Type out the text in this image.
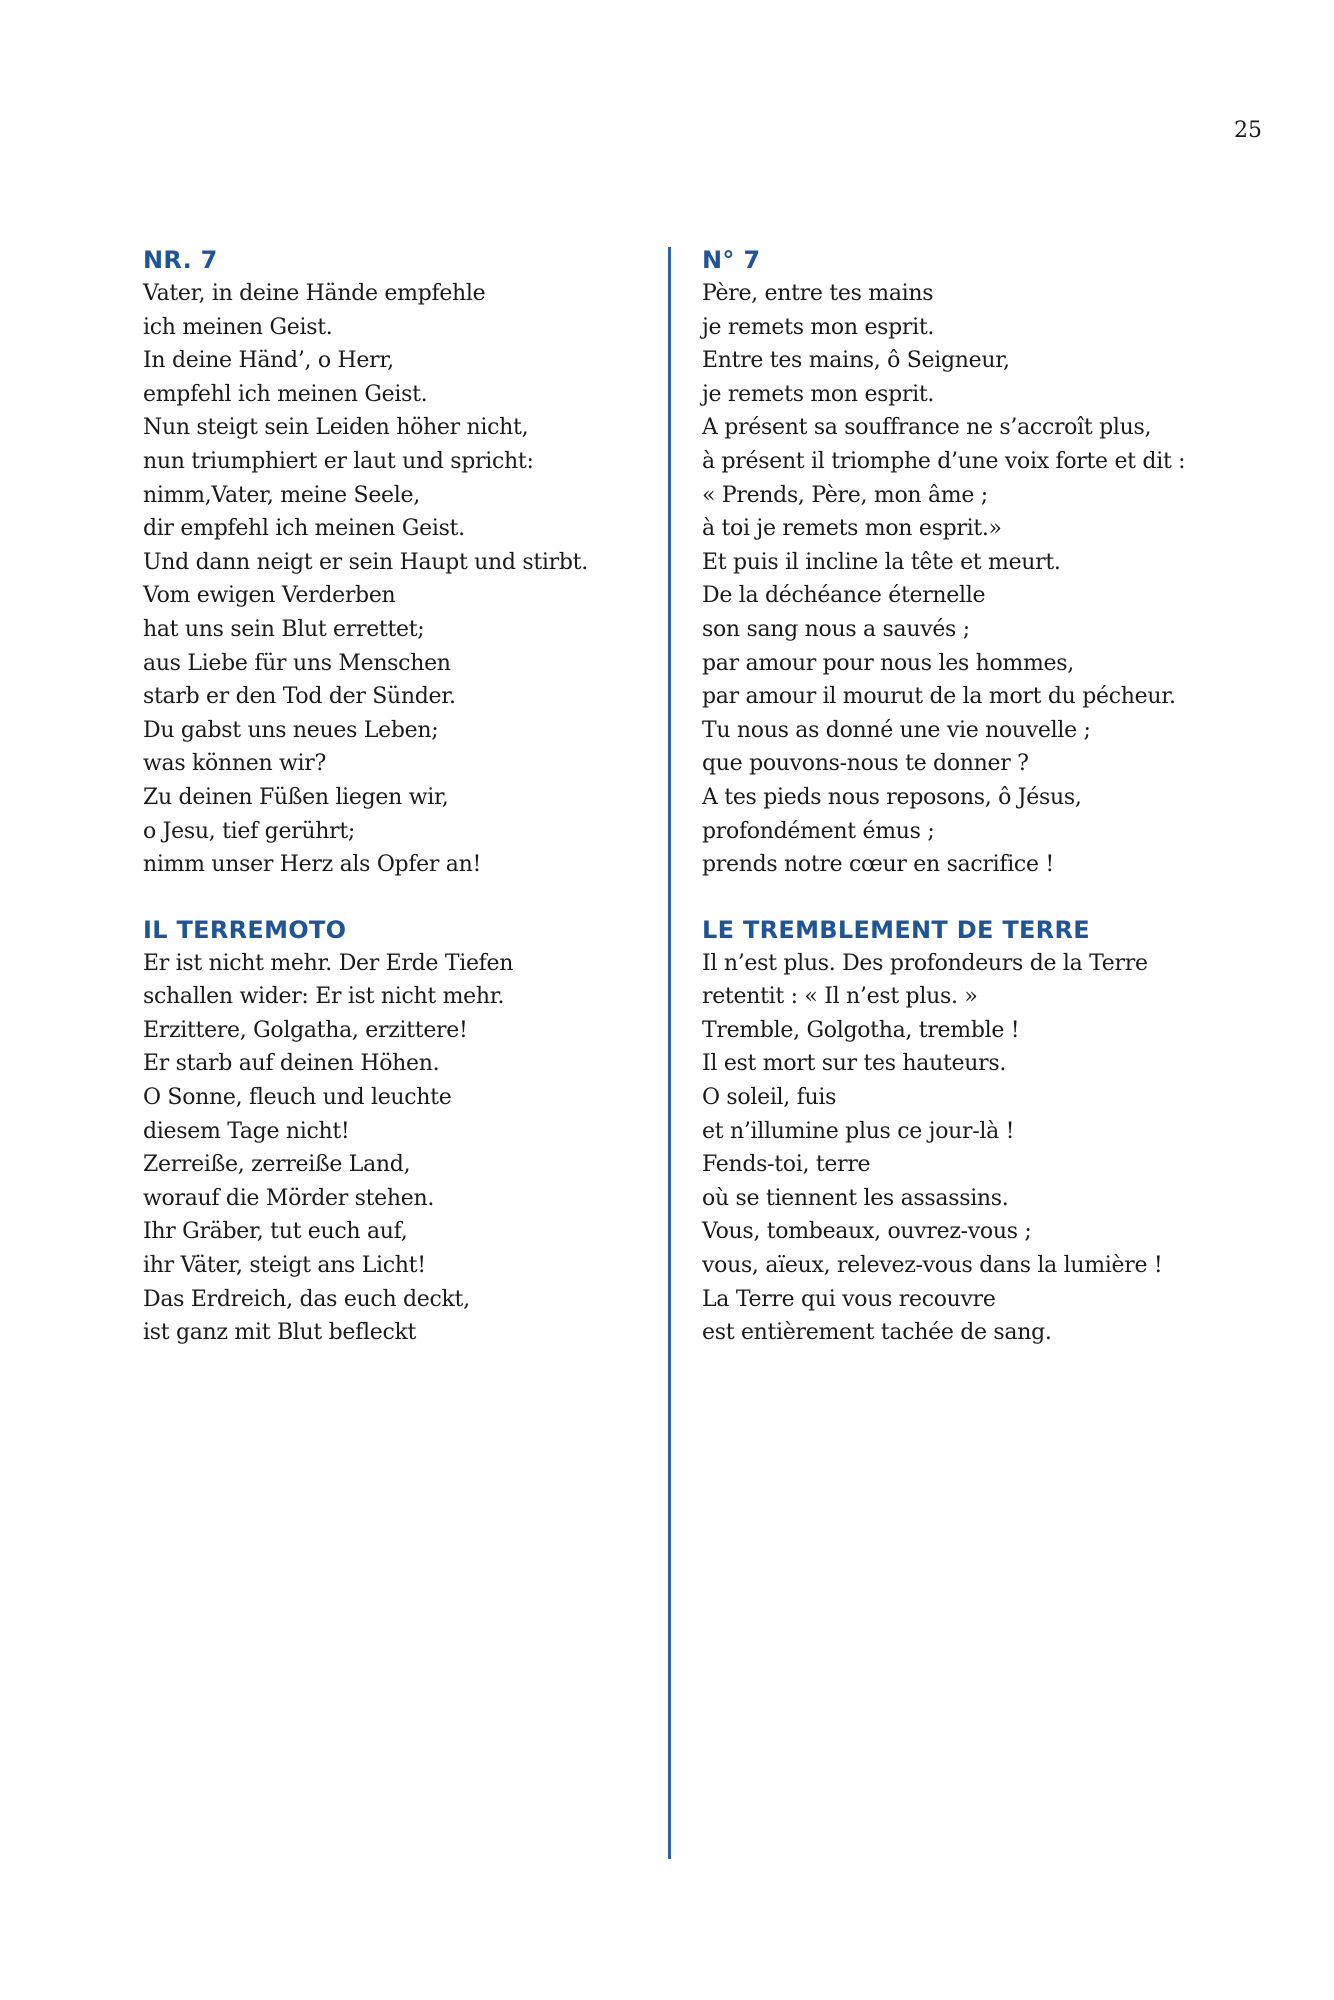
25
NR. 7
Vater, in deine Hände empfehle
ich meinen Geist.
In deine Händ’, o Herr,
empfehl ich meinen Geist.
Nun steigt sein Leiden höher nicht,
nun triumphiert er laut und spricht:
nimm,Vater, meine Seele,
dir empfehl ich meinen Geist.
Und dann neigt er sein Haupt und stirbt.
Vom ewigen Verderben
hat uns sein Blut errettet;
aus Liebe für uns Menschen
starb er den Tod der Sünder.
Du gabst uns neues Leben;
was können wir?
Zu deinen Füßen liegen wir,
o Jesu, tief gerührt;
nimm unser Herz als Opfer an!
IL TERREMOTO
Er ist nicht mehr. Der Erde Tiefen
schallen wider: Er ist nicht mehr.
Erzittere, Golgatha, erzittere!
Er starb auf deinen Höhen.
O Sonne, fleuch und leuchte
diesem Tage nicht!
Zerreiße, zerreiße Land,
worauf die Mörder stehen.
Ihr Gräber, tut euch auf,
ihr Väter, steigt ans Licht!
Das Erdreich, das euch deckt,
ist ganz mit Blut befleckt
N° 7
Père, entre tes mains
je remets mon esprit.
Entre tes mains, ô Seigneur,
je remets mon esprit.
A présent sa souffrance ne s’accroît plus,
à présent il triomphe d’une voix forte et dit :
« Prends, Père, mon âme ;
à toi je remets mon esprit.»
Et puis il incline la tête et meurt.
De la déchéance éternelle
son sang nous a sauvés ;
par amour pour nous les hommes,
par amour il mourut de la mort du pécheur.
Tu nous as donné une vie nouvelle ;
que pouvons-nous te donner ?
A tes pieds nous reposons, ô Jésus,
profondément émus ;
prends notre cœur en sacrifice !
LE TREMBLEMENT DE TERRE
Il n’est plus. Des profondeurs de la Terre
retentit : « Il n’est plus. »
Tremble, Golgotha, tremble !
Il est mort sur tes hauteurs.
O soleil, fuis
et n’illumine plus ce jour-là !
Fends-toi, terre
où se tiennent les assassins.
Vous, tombeaux, ouvrez-vous ;
vous, aïeux, relevez-vous dans la lumière !
La Terre qui vous recouvre
est entièrement tachée de sang.
